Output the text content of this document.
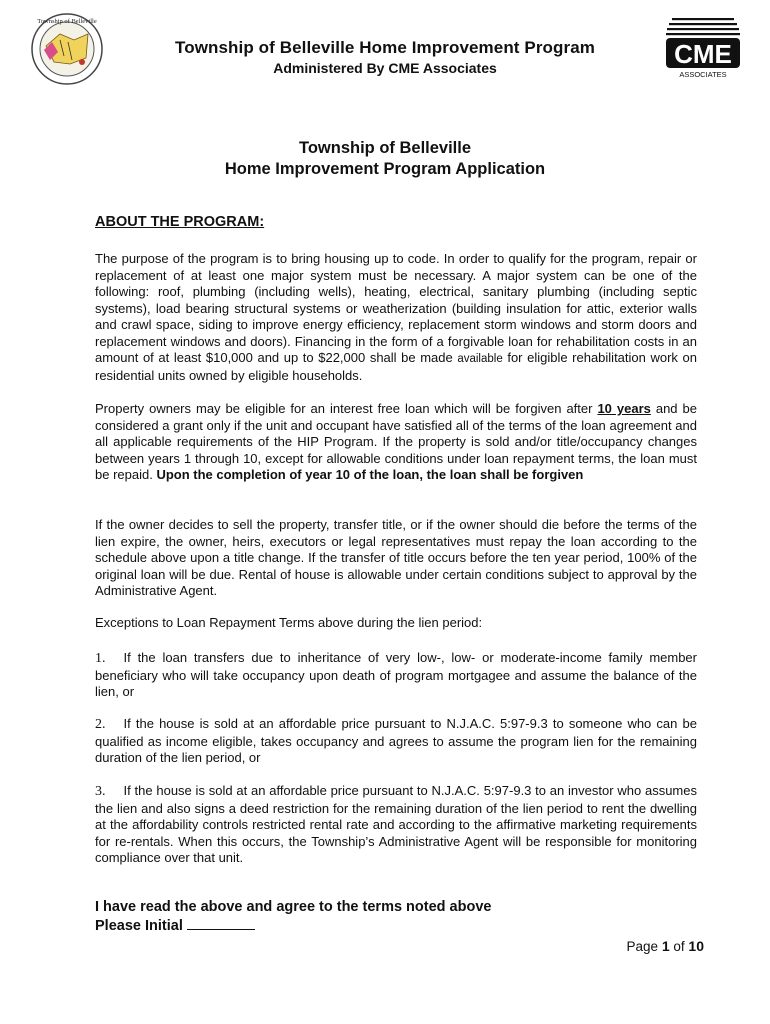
Township of Belleville
Township of Belleville Home Improvement Program
Administered By CME Associates	CME
ASSOCIATES
Township of Belleville
Home Improvement Program Application
ABOUT THE PROGRAM:
The purpose of the program is to bring housing up to code. In order to qualify for the program, repair or replacement of at least one major system must be necessary. A major system can be one of the following: roof, plumbing (including wells), heating, electrical, sanitary plumbing (including septic systems), load bearing structural systems or weatherization (building insulation for attic, exterior walls and crawl space, siding to improve energy efficiency, replacement storm windows and storm doors and replacement windows and doors). Financing in the form of a forgivable loan for rehabilitation costs in an amount of at least $10,000 and up to $22,000 shall be made available for eligible rehabilitation work on residential units owned by eligible households.
Property owners may be eligible for an interest free loan which will be forgiven after 10 years and be considered a grant only if the unit and occupant have satisfied all of the terms of the loan agreement and all applicable requirements of the HIP Program. If the property is sold and/or title/occupancy changes between years 1 through 10, except for allowable conditions under loan repayment terms, the loan must be repaid. Upon the completion of year 10 of the loan, the loan shall be forgiven
If the owner decides to sell the property, transfer title, or if the owner should die before the terms of the lien expire, the owner, heirs, executors or legal representatives must repay the loan according to the schedule above upon a title change. If the transfer of title occurs before the ten year period, 100% of the original loan will be due. Rental of house is allowable under certain conditions subject to approval by the Administrative Agent.
Exceptions to Loan Repayment Terms above during the lien period:
1. If the loan transfers due to inheritance of very low-, low- or moderate-income family member beneficiary who will take occupancy upon death of program mortgagee and assume the balance of the lien, or
2. If the house is sold at an affordable price pursuant to N.J.A.C. 5:97-9.3 to someone who can be qualified as income eligible, takes occupancy and agrees to assume the program lien for the remaining duration of the lien period, or
3. If the house is sold at an affordable price pursuant to N.J.A.C. 5:97-9.3 to an investor who assumes the lien and also signs a deed restriction for the remaining duration of the lien period to rent the dwelling at the affordability controls restricted rental rate and according to the affirmative marketing requirements for re-rentals. When this occurs, the Township’s Administrative Agent will be responsible for monitoring compliance over that unit.
I have read the above and agree to the terms noted above
Please Initial
Page 1 of 10
